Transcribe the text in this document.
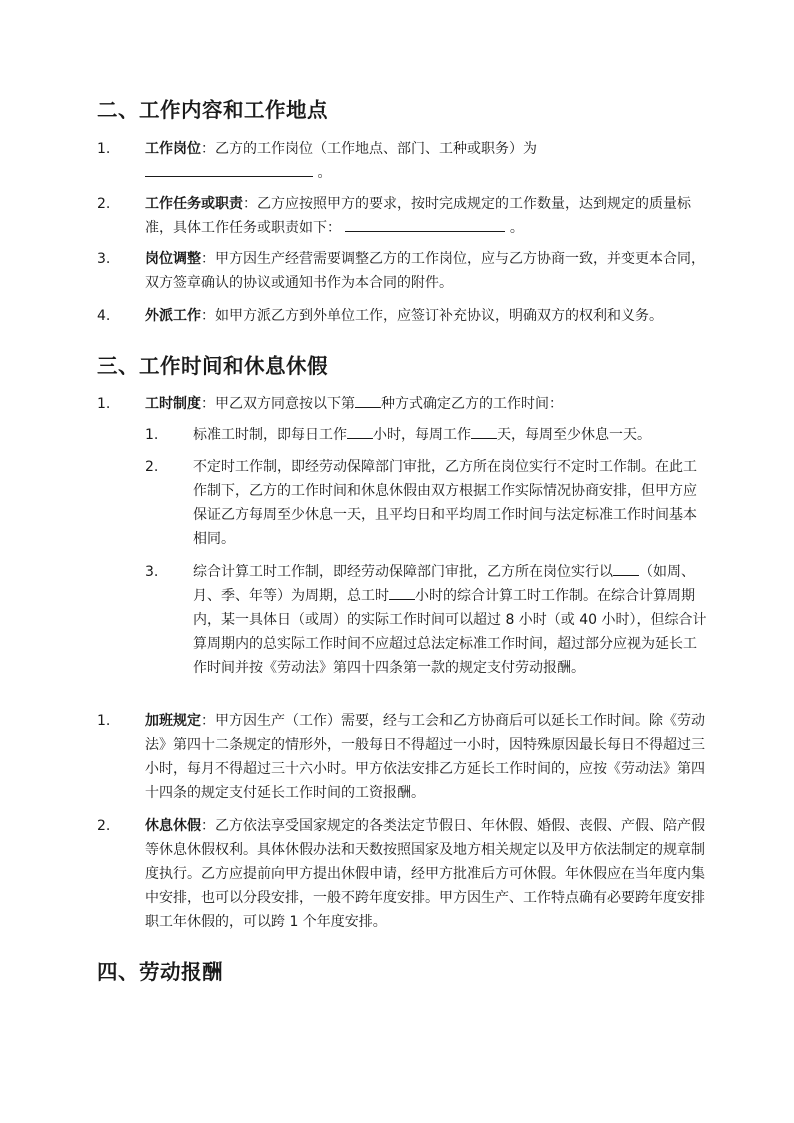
二、工作内容和工作地点
1. 工作岗位：乙方的工作岗位（工作地点、部门、工种或职务）为
。
2. 工作任务或职责：乙方应按照甲方的要求，按时完成规定的工作数量，达到规定的质量标准，具体工作任务或职责如下：	。
3. 岗位调整：甲方因生产经营需要调整乙方的工作岗位，应与乙方协商一致，并变更本合同，双方签章确认的协议或通知书作为本合同的附件。
4. 外派工作：如甲方派乙方到外单位工作，应签订补充协议，明确双方的权利和义务。
三、工作时间和休息休假
1. 工时制度：甲乙双方同意按以下第 种方式确定乙方的工作时间：
1. 标准工时制，即每日工作 小时，每周工作 天，每周至少休息一天。
2. 不定时工作制，即经劳动保障部门审批，乙方所在岗位实行不定时工作制。在此工作制下，乙方的工作时间和休息休假由双方根据工作实际情况协商安排，但甲方应保证乙方每周至少休息一天，且平均日和平均周工作时间与法定标准工作时间基本相同。
3. 综合计算工时工作制，即经劳动保障部门审批，乙方所在岗位实行以 （如周、月、季、年等）为周期，总工时 小时的综合计算工时工作制。在综合计算周期内，某一具体日（或周）的实际工作时间可以超过 8 小时（或 40 小时），但综合计算周期内的总实际工作时间不应超过总法定标准工作时间，超过部分应视为延长工作时间并按《劳动法》第四十四条第一款的规定支付劳动报酬。
1. 加班规定：甲方因生产（工作）需要，经与工会和乙方协商后可以延长工作时间。除《劳动法》第四十二条规定的情形外，一般每日不得超过一小时，因特殊原因最长每日不得超过三小时，每月不得超过三十六小时。甲方依法安排乙方延长工作时间的，应按《劳动法》第四十四条的规定支付延长工作时间的工资报酬。
2. 休息休假：乙方依法享受国家规定的各类法定节假日、年休假、婚假、丧假、产假、陪产假等休息休假权利。具体休假办法和天数按照国家及地方相关规定以及甲方依法制定的规章制度执行。乙方应提前向甲方提出休假申请，经甲方批准后方可休假。年休假应在当年度内集中安排，也可以分段安排，一般不跨年度安排。甲方因生产、工作特点确有必要跨年度安排职工年休假的，可以跨 1 个年度安排。
四、劳动报酬
